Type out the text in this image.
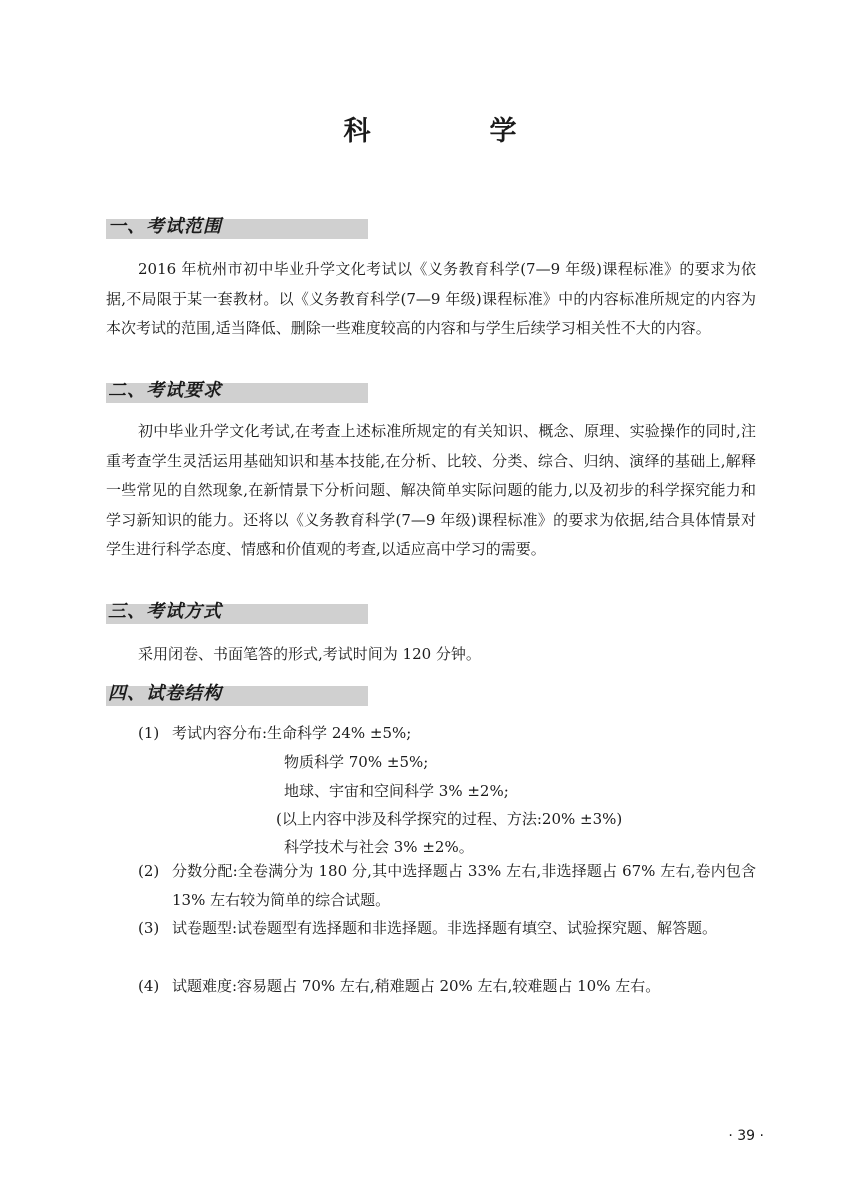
科　学
一、考试范围

2016 年杭州市初中毕业升学文化考试以《义务教育科学(7—9 年级)课程标准》的要求为依据,不局限于某一套教材。以《义务教育科学(7—9 年级)课程标准》中的内容标准所规定的内容为本次考试的范围,适当降低、删除一些难度较高的内容和与学生后续学习相关性不大的内容。

二、考试要求

初中毕业升学文化考试,在考查上述标准所规定的有关知识、概念、原理、实验操作的同时,注重考查学生灵活运用基础知识和基本技能,在分析、比较、分类、综合、归纳、演绎的基础上,解释一些常见的自然现象,在新情景下分析问题、解决简单实际问题的能力,以及初步的科学探究能力和学习新知识的能力。还将以《义务教育科学(7—9 年级)课程标准》的要求为依据,结合具体情景对学生进行科学态度、情感和价值观的考查,以适应高中学习的需要。

三、考试方式

采用闭卷、书面笔答的形式,考试时间为 120 分钟。

四、试卷结构

(1) 考试内容分布:生命科学 24% ±5%;

物质科学 70% ±5%;

地球、宇宙和空间科学 3% ±2%;

(以上内容中涉及科学探究的过程、方法:20% ±3%)

科学技术与社会 3% ±2%。

(2) 分数分配:全卷满分为 180 分,其中选择题占 33% 左右,非选择题占 67% 左右,卷内包含 13% 左右较为简单的综合试题。
(3) 试卷题型:试卷题型有选择题和非选择题。非选择题有填空、试验探究题、解答题。
(4) 试题难度:容易题占 70% 左右,稍难题占 20% 左右,较难题占 10% 左右。

· 39 ·
